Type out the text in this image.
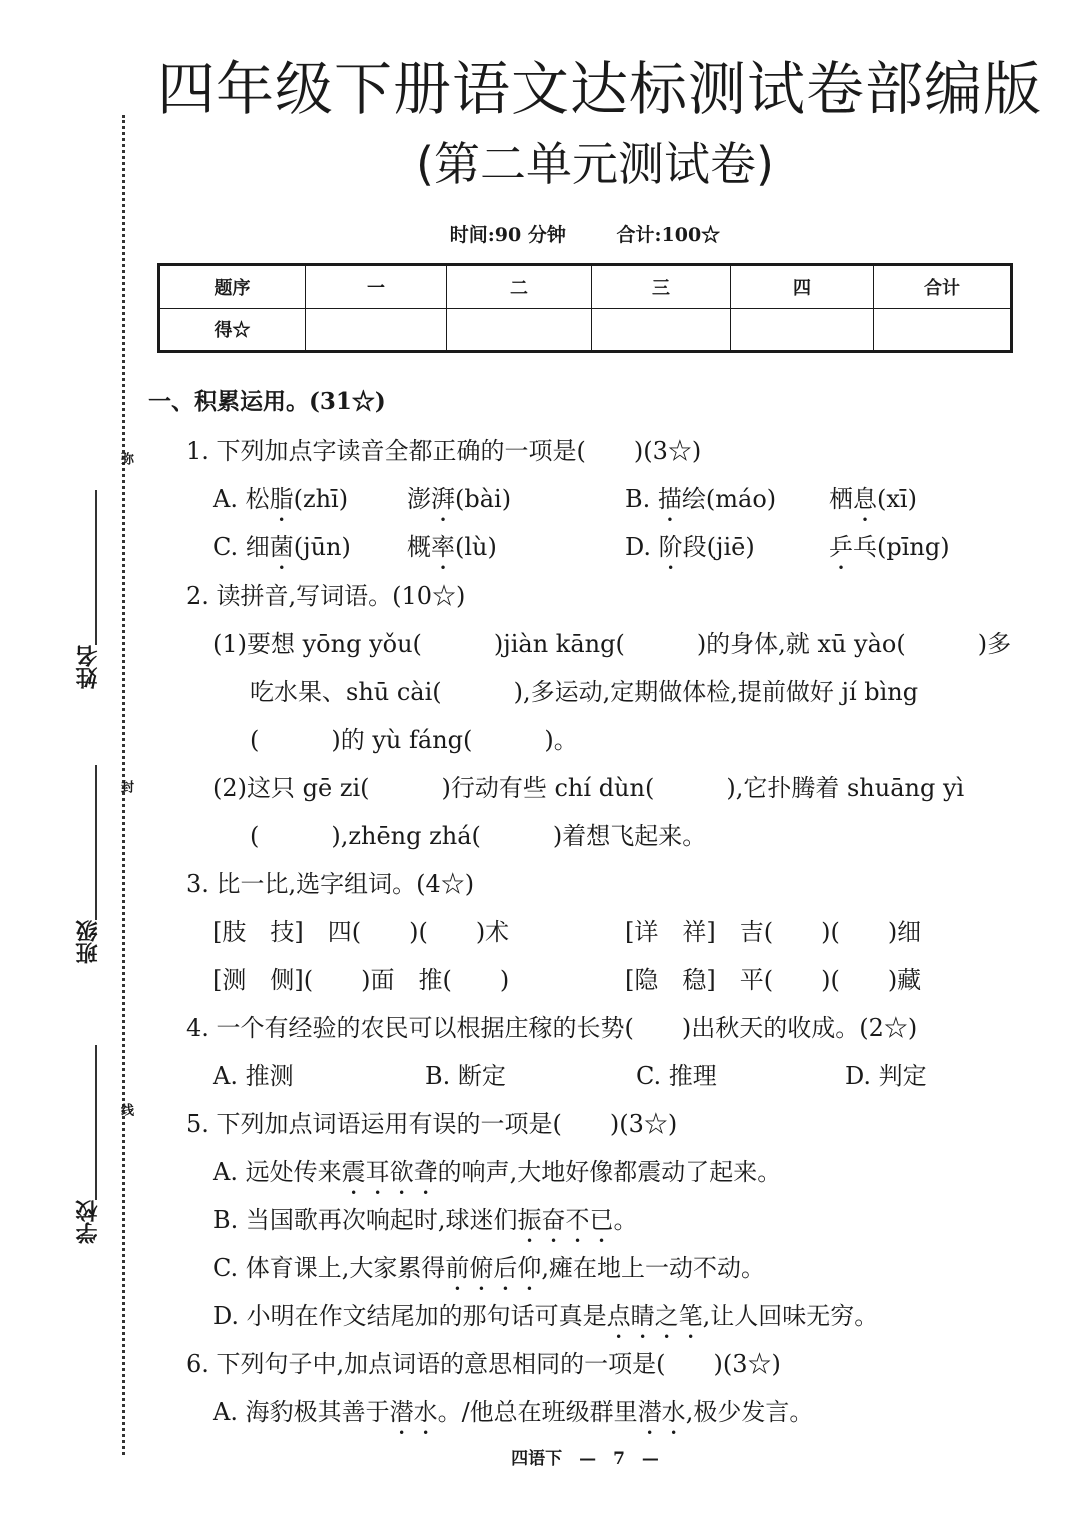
四年级下册语文达标测试卷部编版
(第二单元测试卷)
时间:90 分钟	合计:100☆
题序	一	二	三	四	合计
得☆					
弥
封
线
姓名
班级
学校
一、积累运用。(31☆)
1. 下列加点字读音全都正确的一项是(　　)(3☆)
A. 松脂(zhī) 澎湃(bài)	B. 描绘(máo) 栖息(xī)
C. 细菌(jūn) 概率(lù)	D. 阶段(jiē)	乒乓(pīng)
2. 读拼音,写词语。(10☆)
(1)要想 yōng yǒu(　　　)jiàn kāng(　　　)的身体,就 xū yào(　　　)多
吃水果、shū cài(　　　),多运动,定期做体检,提前做好 jí bìng
(　　　)的 yù fáng(　　　)。
(2)这只 gē zi(　　　)行动有些 chí dùn(　　　),它扑腾着 shuāng yì
(　　　),zhēng zhá(　　　)着想飞起来。
3. 比一比,选字组词。(4☆)
[肢　技]　四(　　)(　　)术	[详　祥]　吉(　　)(　　)细
[测　侧](　　)面　推(　　)	[隐　稳]　平(　　)(　　)藏
4. 一个有经验的农民可以根据庄稼的长势(　　)出秋天的收成。(2☆)
A. 推测	B. 断定	C. 推理	D. 判定
5. 下列加点词语运用有误的一项是(　　)(3☆)
A. 远处传来震耳欲聋的响声,大地好像都震动了起来。
B. 当国歌再次响起时,球迷们振奋不已。
C. 体育课上,大家累得前俯后仰,瘫在地上一动不动。
D. 小明在作文结尾加的那句话可真是点睛之笔,让人回味无穷。
6. 下列句子中,加点词语的意思相同的一项是(　　)(3☆)
A. 海豹极其善于潜水。/他总在班级群里潜水,极少发言。
四语下　—　7　—
